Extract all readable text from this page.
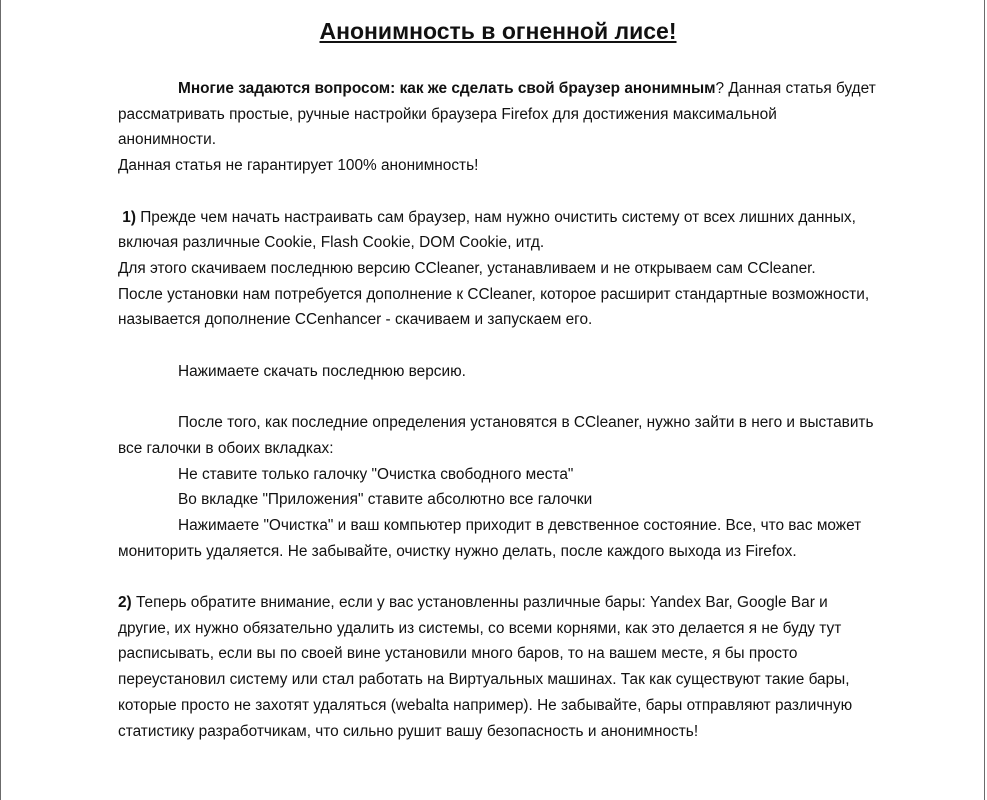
Анонимность в огненной лисе!

Многие задаются вопросом: как же сделать свой браузер анонимным? Данная статья будет рассматривать простые, ручные настройки браузера Firefox для достижения максимальной анонимности.

Данная статья не гарантирует 100% анонимность!

1) Прежде чем начать настраивать сам браузер, нам нужно очистить систему от всех лишних данных, включая различные Cookie, Flash Cookie, DOM Cookie, итд.

Для этого скачиваем последнюю версию CCleaner, устанавливаем и не открываем сам CCleaner.

После установки нам потребуется дополнение к CCleaner, которое расширит стандартные возможности, называется дополнение CCenhancer - скачиваем и запускаем его.

Нажимаете скачать последнюю версию.

После того, как последние определения установятся в CCleaner, нужно зайти в него и выставить все галочки в обоих вкладках:

Не ставите только галочку "Очистка свободного места"

Во вкладке "Приложения" ставите абсолютно все галочки

Нажимаете "Очистка" и ваш компьютер приходит в девственное состояние. Все, что вас может мониторить удаляется. Не забывайте, очистку нужно делать, после каждого выхода из Firefox.

2) Теперь обратите внимание, если у вас установленны различные бары: Yandex Bar, Google Bar и другие, их нужно обязательно удалить из системы, со всеми корнями, как это делается я не буду тут расписывать, если вы по своей вине установили много баров, то на вашем месте, я бы просто переустановил систему или стал работать на Виртуальных машинах. Так как существуют такие бары, которые просто не захотят удаляться (webalta например). Не забывайте, бары отправляют различную статистику разработчикам, что сильно рушит вашу безопасность и анонимность!
